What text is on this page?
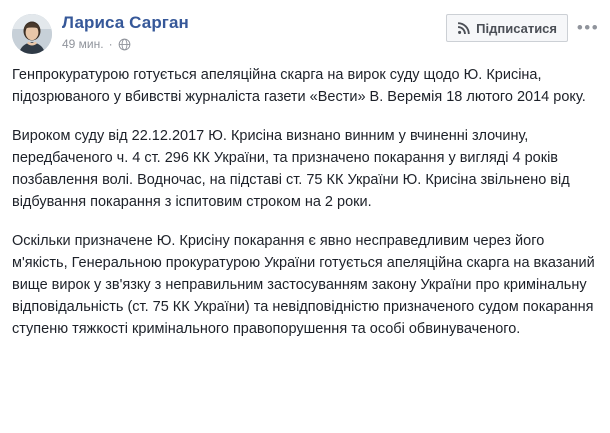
Лариса Сарган
49 мин. ·
Підписатися •••

Генпрокуратурою готується апеляційна скарга на вирок суду щодо Ю. Крисіна, підозрюваного у вбивстві журналіста газети «Вести» В. Веремія 18 лютого 2014 року.

Вироком суду від 22.12.2017 Ю. Крисіна визнано винним у вчиненні злочину, передбаченого ч. 4 ст. 296 КК України, та призначено покарання у вигляді 4 років позбавлення волі. Водночас, на підставі ст. 75 КК України Ю. Крисіна звільнено від відбування покарання з іспитовим строком на 2 роки.

Оскільки призначене Ю. Крисіну покарання є явно несправедливим через його м'якість, Генеральною прокуратурою України готується апеляційна скарга на вказаний вище вирок у зв'язку з неправильним застосуванням закону України про кримінальну відповідальність (ст. 75 КК України) та невідповідністю призначеного судом покарання ступеню тяжкості кримінального правопорушення та особі обвинуваченого.
